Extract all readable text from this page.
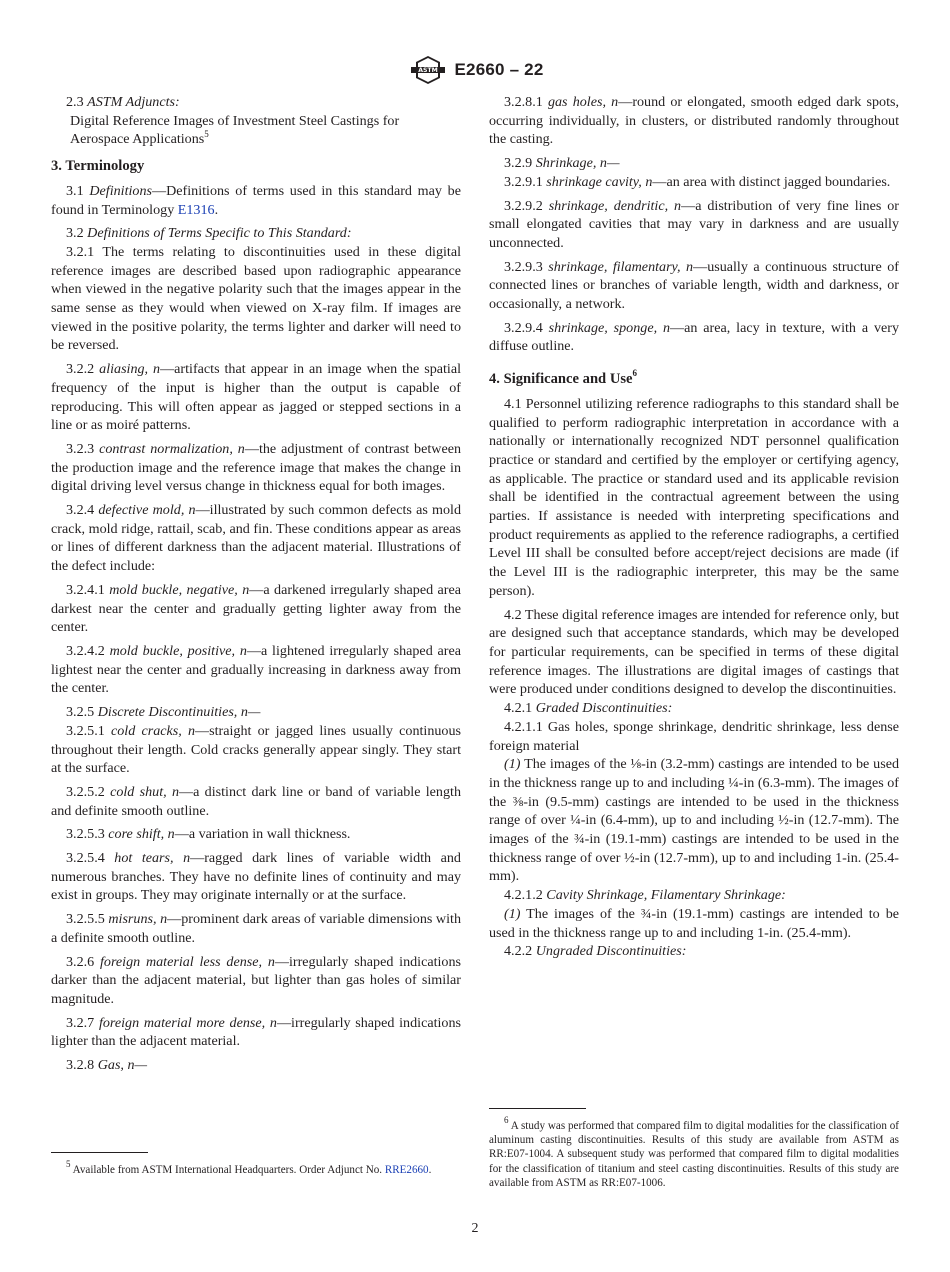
ASTM E2660 – 22

2.3 ASTM Adjuncts:

Digital Reference Images of Investment Steel Castings for Aerospace Applications$^5$

3. Terminology

3.1 Definitions—Definitions of terms used in this standard may be found in Terminology E1316.

3.2 Definitions of Terms Specific to This Standard:

3.2.1 The terms relating to discontinuities used in these digital reference images are described based upon radiographic appearance when viewed in the negative polarity such that the images appear in the same sense as they would when viewed on X-ray film. If images are viewed in the positive polarity, the terms lighter and darker will need to be reversed.

3.2.2 aliasing, n—artifacts that appear in an image when the spatial frequency of the input is higher than the output is capable of reproducing. This will often appear as jagged or stepped sections in a line or as moiré patterns.

3.2.3 contrast normalization, n—the adjustment of contrast between the production image and the reference image that makes the change in digital driving level versus change in thickness equal for both images.

3.2.4 defective mold, n—illustrated by such common defects as mold crack, mold ridge, rattail, scab, and fin. These conditions appear as areas or lines of different darkness than the adjacent material. Illustrations of the defect include:

3.2.4.1 mold buckle, negative, n—a darkened irregularly shaped area darkest near the center and gradually getting lighter away from the center.

3.2.4.2 mold buckle, positive, n—a lightened irregularly shaped area lightest near the center and gradually increasing in darkness away from the center.

3.2.5 Discrete Discontinuities, n—

3.2.5.1 cold cracks, n—straight or jagged lines usually continuous throughout their length. Cold cracks generally appear singly. They start at the surface.

3.2.5.2 cold shut, n—a distinct dark line or band of variable length and definite smooth outline.

3.2.5.3 core shift, n—a variation in wall thickness.

3.2.5.4 hot tears, n—ragged dark lines of variable width and numerous branches. They have no definite lines of continuity and may exist in groups. They may originate internally or at the surface.

3.2.5.5 misruns, n—prominent dark areas of variable dimensions with a definite smooth outline.

3.2.6 foreign material less dense, n—irregularly shaped indications darker than the adjacent material, but lighter than gas holes of similar magnitude.

3.2.7 foreign material more dense, n—irregularly shaped indications lighter than the adjacent material.

3.2.8 Gas, n—

$^5$ Available from ASTM International Headquarters. Order Adjunct No. RRE2660.

3.2.8.1 gas holes, n—round or elongated, smooth edged dark spots, occurring individually, in clusters, or distributed randomly throughout the casting.

3.2.9 Shrinkage, n—

3.2.9.1 shrinkage cavity, n—an area with distinct jagged boundaries.

3.2.9.2 shrinkage, dendritic, n—a distribution of very fine lines or small elongated cavities that may vary in darkness and are usually unconnected.

3.2.9.3 shrinkage, filamentary, n—usually a continuous structure of connected lines or branches of variable length, width and darkness, or occasionally, a network.

3.2.9.4 shrinkage, sponge, n—an area, lacy in texture, with a very diffuse outline.

4. Significance and Use$^6$

4.1 Personnel utilizing reference radiographs to this standard shall be qualified to perform radiographic interpretation in accordance with a nationally or internationally recognized NDT personnel qualification practice or standard and certified by the employer or certifying agency, as applicable. The practice or standard used and its applicable revision shall be identified in the contractual agreement between the using parties. If assistance is needed with interpreting specifications and product requirements as applied to the reference radiographs, a certified Level III shall be consulted before accept/reject decisions are made (if the Level III is the radiographic interpreter, this may be the same person).

4.2 These digital reference images are intended for reference only, but are designed such that acceptance standards, which may be developed for particular requirements, can be specified in terms of these digital reference images. The illustrations are digital images of castings that were produced under conditions designed to develop the discontinuities.

4.2.1 Graded Discontinuities:

4.2.1.1 Gas holes, sponge shrinkage, dendritic shrinkage, less dense foreign material

(1) The images of the ⅛-in (3.2-mm) castings are intended to be used in the thickness range up to and including ¼-in (6.3-mm). The images of the ⅜-in (9.5-mm) castings are intended to be used in the thickness range of over ¼-in (6.4-mm), up to and including ½-in (12.7-mm). The images of the ¾-in (19.1-mm) castings are intended to be used in the thickness range of over ½-in (12.7-mm), up to and including 1-in. (25.4-mm).

4.2.1.2 Cavity Shrinkage, Filamentary Shrinkage:

(1) The images of the ¾-in (19.1-mm) castings are intended to be used in the thickness range up to and including 1-in. (25.4-mm).

4.2.2 Ungraded Discontinuities:

$^6$ A study was performed that compared film to digital modalities for the classification of aluminum casting discontinuities. Results of this study are available from ASTM as RR:E07-1004. A subsequent study was performed that compared film to digital modalities for the classification of titanium and steel casting discontinuities. Results of this study are available from ASTM as RR:E07-1006.

2
